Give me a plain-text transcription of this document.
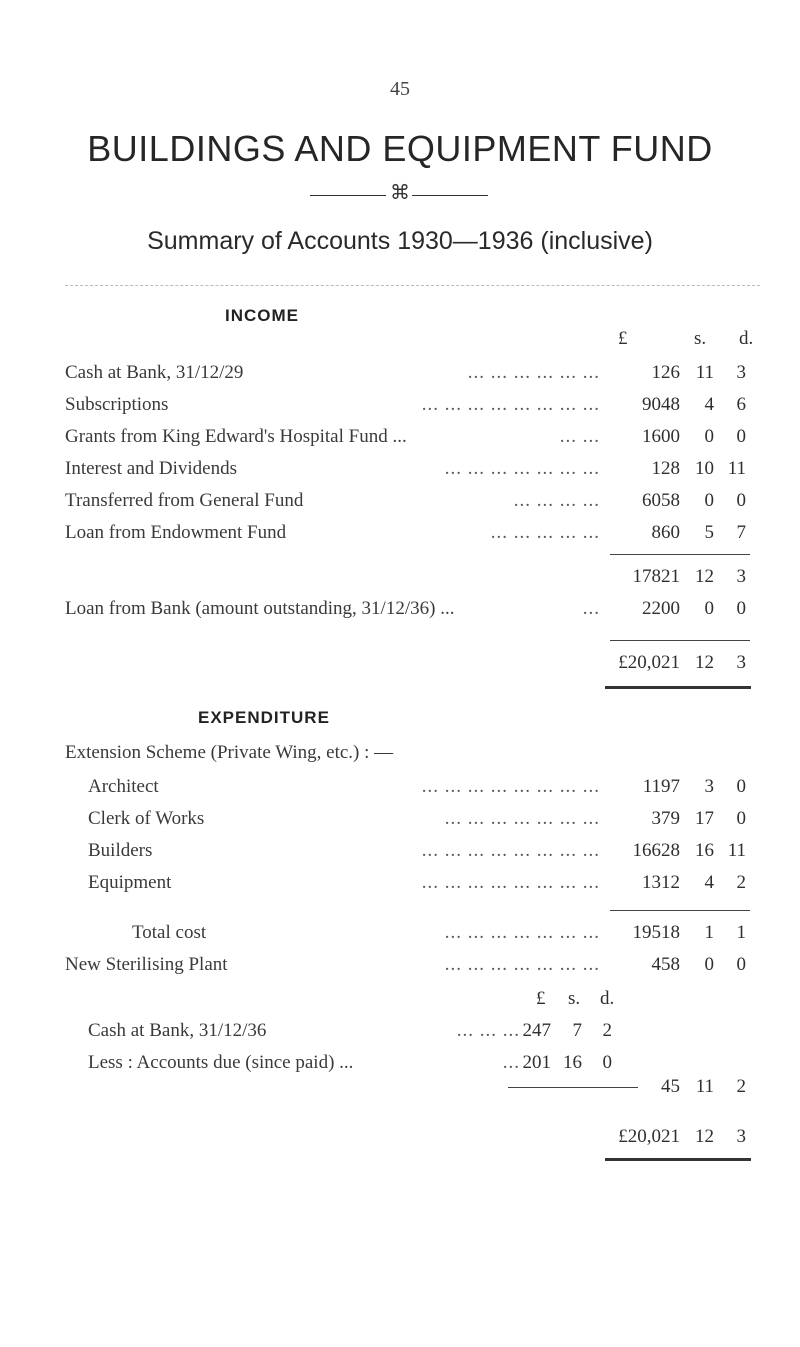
45
BUILDINGS AND EQUIPMENT FUND
⌘
Summary of Accounts 1930—1936 (inclusive)
INCOME
£	s. d.
Cash at Bank, 31/12/29	... ... ... ... ... ...	126 11	3
Subscriptions	... ... ... ... ... ... ... ...	9048	4	6
Grants from King Edward's Hospital Fund ...	... ...	1600	0	0
Interest and Dividends	... ... ... ... ... ... ...	128 10 11
Transferred from General Fund	... ... ... ...	6058	0	0
Loan from Endowment Fund	... ... ... ... ...	860	5	7
17821 12	3
Loan from Bank (amount outstanding, 31/12/36) ...	...	2200	0	0
£20,021 12	3
EXPENDITURE
Extension Scheme (Private Wing, etc.) : —
Architect	... ... ... ... ... ... ... ...	1197	3	0
Clerk of Works	... ... ... ... ... ... ...	379 17	0
Builders	... ... ... ... ... ... ... ...	16628 16 11
Equipment	... ... ... ... ... ... ... ...	1312	4	2
Total cost	... ... ... ... ... ... ...	19518	1	1
New Sterilising Plant	... ... ... ... ... ... ...	458	0	0
£ s. d.
Cash at Bank, 31/12/36	... ... ... 247	7	2
Less : Accounts due (since paid) ...	... 201 16	0
45 11	2
£20,021 12	3
